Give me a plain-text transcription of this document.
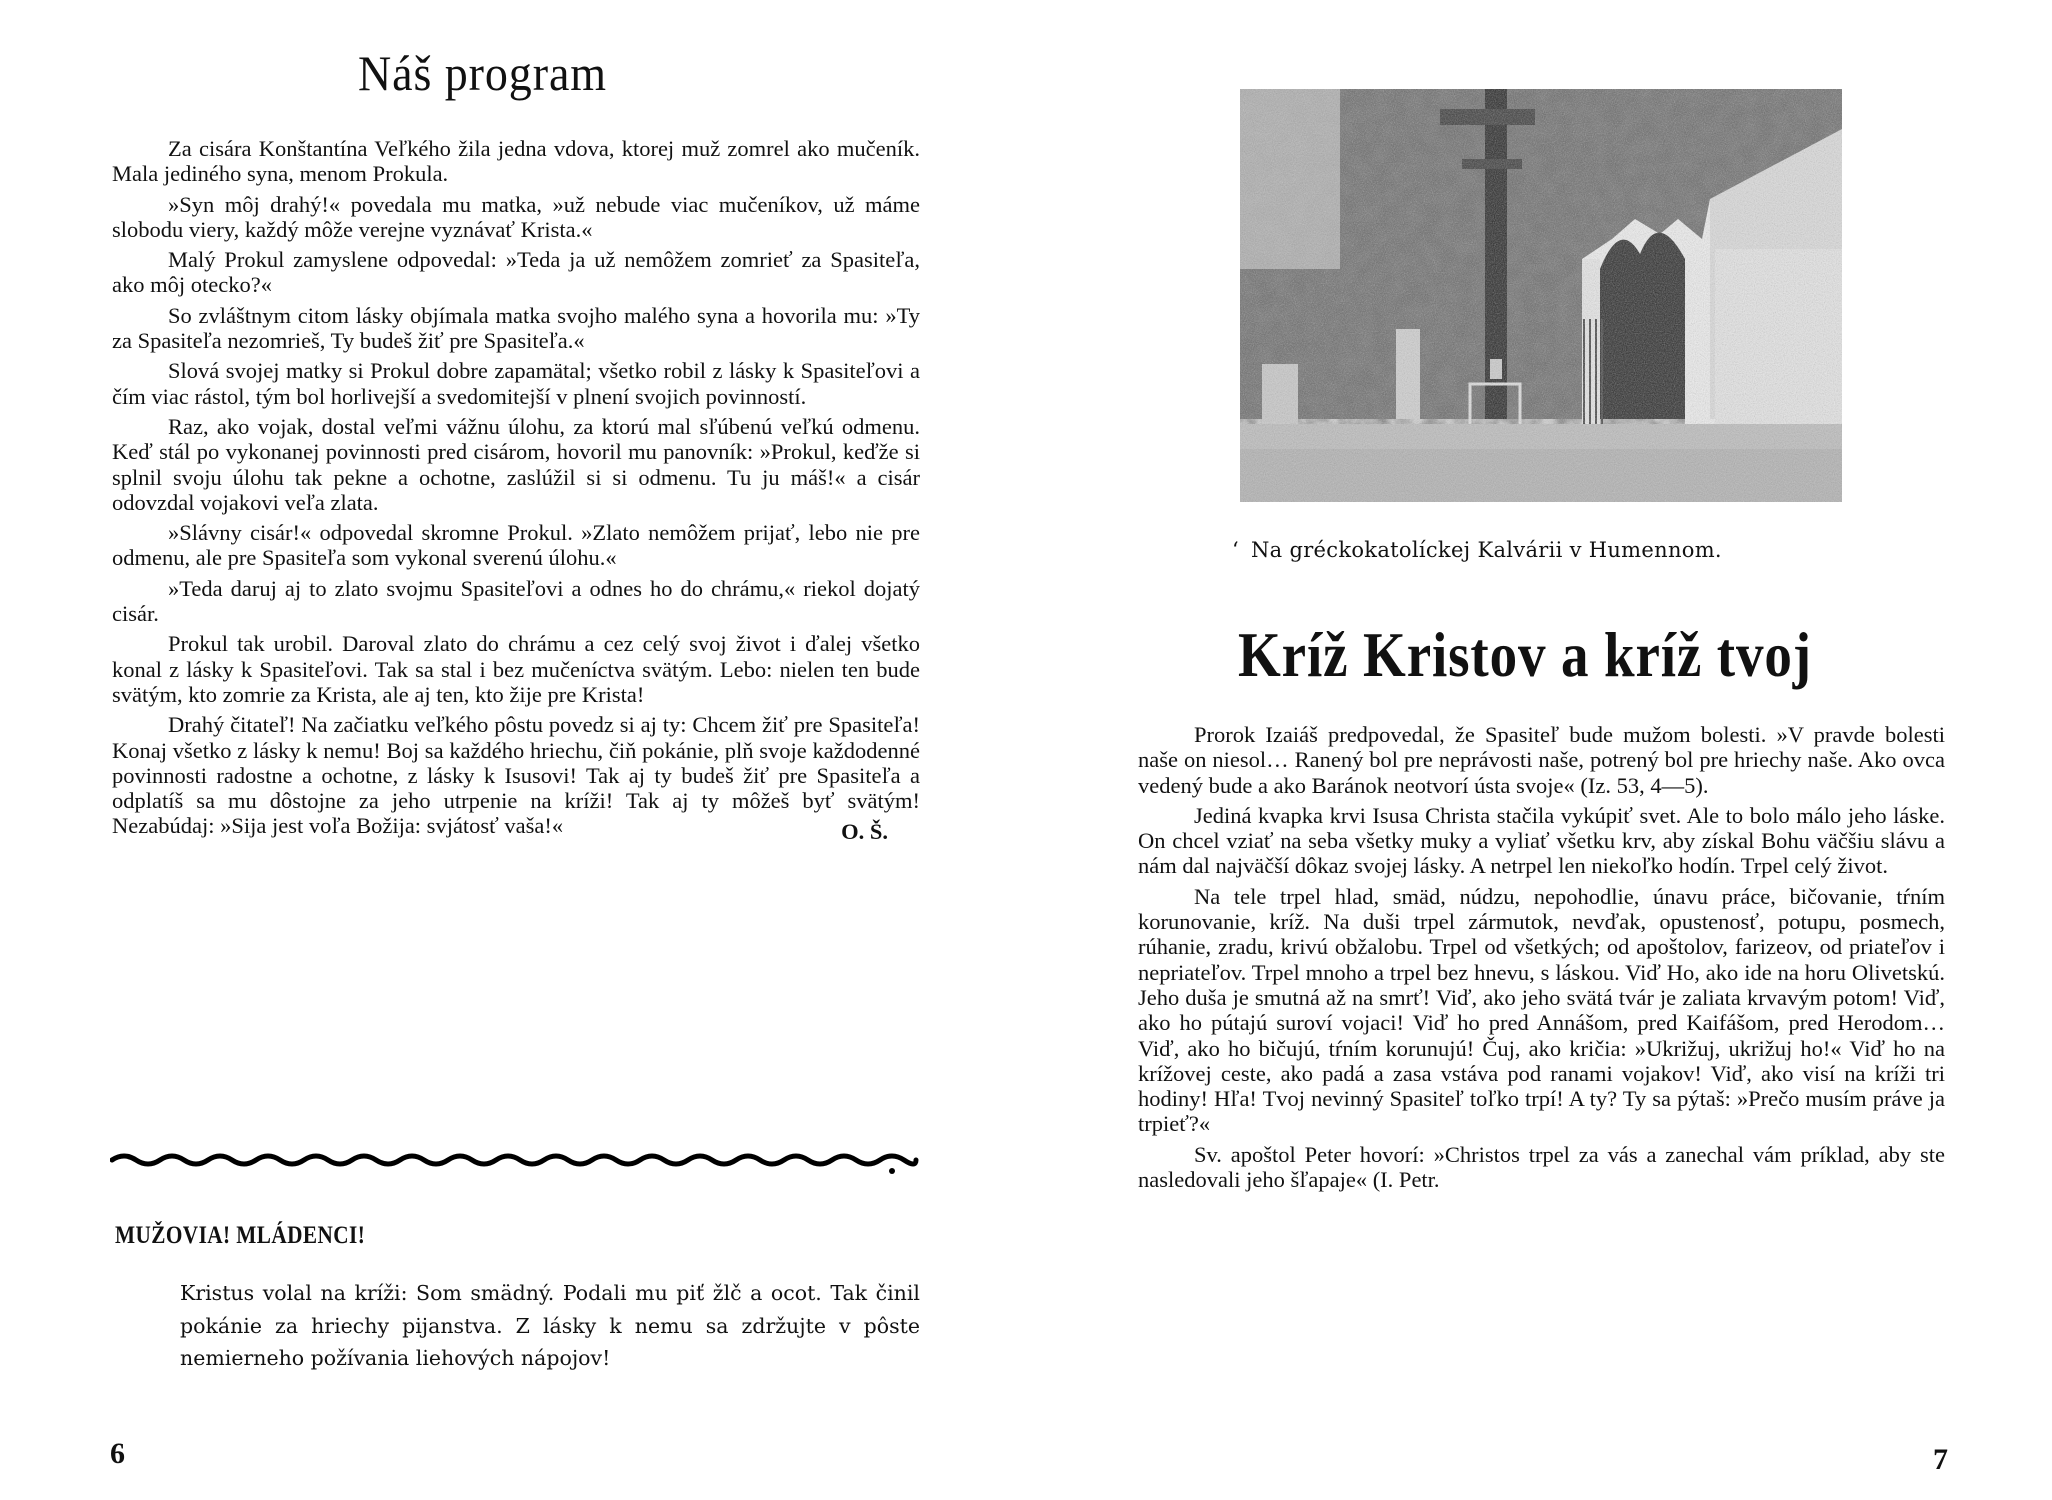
Náš program

Za cisára Konštantína Veľkého žila jedna vdova, ktorej muž zomrel ako mučeník. Mala jediného syna, menom Prokula.

»Syn môj drahý!« povedala mu matka, »už nebude viac mučeníkov, už máme slobodu viery, každý môže verejne vyznávať Krista.«

Malý Prokul zamyslene odpovedal: »Teda ja už nemôžem zomrieť za Spasiteľa, ako môj otecko?«

So zvláštnym citom lásky objímala matka svojho malého syna a hovorila mu: »Ty za Spasiteľa nezomrieš, Ty budeš žiť pre Spasiteľa.«

Slová svojej matky si Prokul dobre zapamätal; všetko robil z lásky k Spasiteľovi a čím viac rástol, tým bol horlivejší a svedomitejší v plnení svojich povinností.

Raz, ako vojak, dostal veľmi vážnu úlohu, za ktorú mal sľúbenú veľkú odmenu. Keď stál po vykonanej povinnosti pred cisárom, hovoril mu panovník: »Prokul, keďže si splnil svoju úlohu tak pekne a ochotne, zaslúžil si si odmenu. Tu ju máš!« a cisár odovzdal vojakovi veľa zlata.

»Slávny cisár!« odpovedal skromne Prokul. »Zlato nemôžem prijať, lebo nie pre odmenu, ale pre Spasiteľa som vykonal sverenú úlohu.«

»Teda daruj aj to zlato svojmu Spasiteľovi a odnes ho do chrámu,« riekol dojatý cisár.

Prokul tak urobil. Daroval zlato do chrámu a cez celý svoj život i ďalej všetko konal z lásky k Spasiteľovi. Tak sa stal i bez mučeníctva svätým. Lebo: nielen ten bude svätým, kto zomrie za Krista, ale aj ten, kto žije pre Krista!

Drahý čitateľ! Na začiatku veľkého pôstu povedz si aj ty: Chcem žiť pre Spasiteľa! Konaj všetko z lásky k nemu! Boj sa každého hriechu, čiň pokánie, plň svoje každodenné povinnosti radostne a ochotne, z lásky k Isusovi! Tak aj ty budeš žiť pre Spasiteľa a odplatíš sa mu dôstojne za jeho utrpenie na kríži! Tak aj ty môžeš byť svätým! Nezabúdaj: »Sija jest voľa Božija: svjátosť vaša!«	O. Š.
MUŽOVIA! MLÁDENCI!

Kristus volal na kríži: Som smädný. Podali mu piť žlč a ocot. Tak činil pokánie za hriechy pijanstva. Z lásky k nemu sa zdržujte v pôste nemierneho požívania liehových nápojov!

6
‘ Na gréckokatolíckej Kalvárii v Humennom.
Kríž Kristov a kríž tvoj

Prorok Izaiáš predpovedal, že Spasiteľ bude mužom bolesti. »V pravde bolesti naše on niesol… Ranený bol pre neprávosti naše, potrený bol pre hriechy naše. Ako ovca vedený bude a ako Baránok neotvorí ústa svoje« (Iz. 53, 4—5).

Jediná kvapka krvi Isusa Christa stačila vykúpiť svet. Ale to bolo málo jeho láske. On chcel vziať na seba všetky muky a vyliať všetku krv, aby získal Bohu väčšiu slávu a nám dal najväčší dôkaz svojej lásky. A netrpel len niekoľko hodín. Trpel celý život.

Na tele trpel hlad, smäd, núdzu, nepohodlie, únavu práce, bičovanie, tŕním korunovanie, kríž. Na duši trpel zármutok, nevďak, opustenosť, potupu, posmech, rúhanie, zradu, krivú obžalobu. Trpel od všetkých; od apoštolov, farizeov, od priateľov i nepriateľov. Trpel mnoho a trpel bez hnevu, s láskou. Viď Ho, ako ide na horu Olivetskú. Jeho duša je smutná až na smrť! Viď, ako jeho svätá tvár je zaliata krvavým potom! Viď, ako ho pútajú suroví vojaci! Viď ho pred Annášom, pred Kaifášom, pred Herodom… Viď, ako ho bičujú, tŕním korunujú! Čuj, ako kričia: »Ukrižuj, ukrižuj ho!« Viď ho na krížovej ceste, ako padá a zasa vstáva pod ranami vojakov! Viď, ako visí na kríži tri hodiny! Hľa! Tvoj nevinný Spasiteľ toľko trpí! A ty? Ty sa pýtaš: »Prečo musím práve ja trpieť?«

Sv. apoštol Peter hovorí: »Christos trpel za vás a zanechal vám príklad, aby ste nasledovali jeho šľapaje« (I. Petr.

7
